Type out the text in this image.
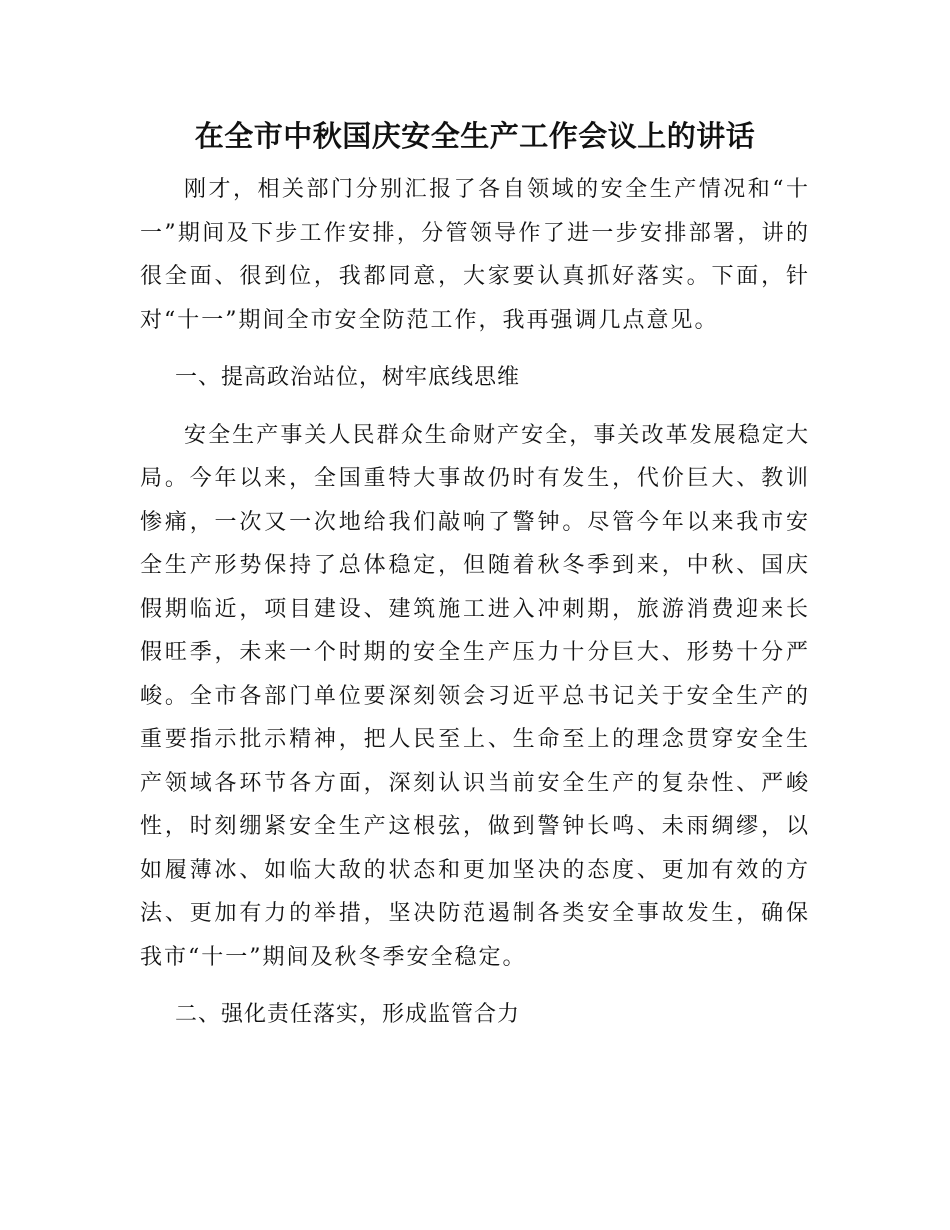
在全市中秋国庆安全生产工作会议上的讲话

刚才，相关部门分别汇报了各自领域的安全生产情况和“十一”期间及下步工作安排，分管领导作了进一步安排部署，讲的很全面、很到位，我都同意，大家要认真抓好落实。下面，针对“十一”期间全市安全防范工作，我再强调几点意见。

一、提高政治站位，树牢底线思维

安全生产事关人民群众生命财产安全，事关改革发展稳定大局。今年以来，全国重特大事故仍时有发生，代价巨大、教训惨痛，一次又一次地给我们敲响了警钟。尽管今年以来我市安全生产形势保持了总体稳定，但随着秋冬季到来，中秋、国庆假期临近，项目建设、建筑施工进入冲刺期，旅游消费迎来长假旺季，未来一个时期的安全生产压力十分巨大、形势十分严峻。全市各部门单位要深刻领会习近平总书记关于安全生产的重要指示批示精神，把人民至上、生命至上的理念贯穿安全生产领域各环节各方面，深刻认识当前安全生产的复杂性、严峻性，时刻绷紧安全生产这根弦，做到警钟长鸣、未雨绸缪，以如履薄冰、如临大敌的状态和更加坚决的态度、更加有效的方法、更加有力的举措，坚决防范遏制各类安全事故发生，确保我市“十一”期间及秋冬季安全稳定。

二、强化责任落实，形成监管合力
